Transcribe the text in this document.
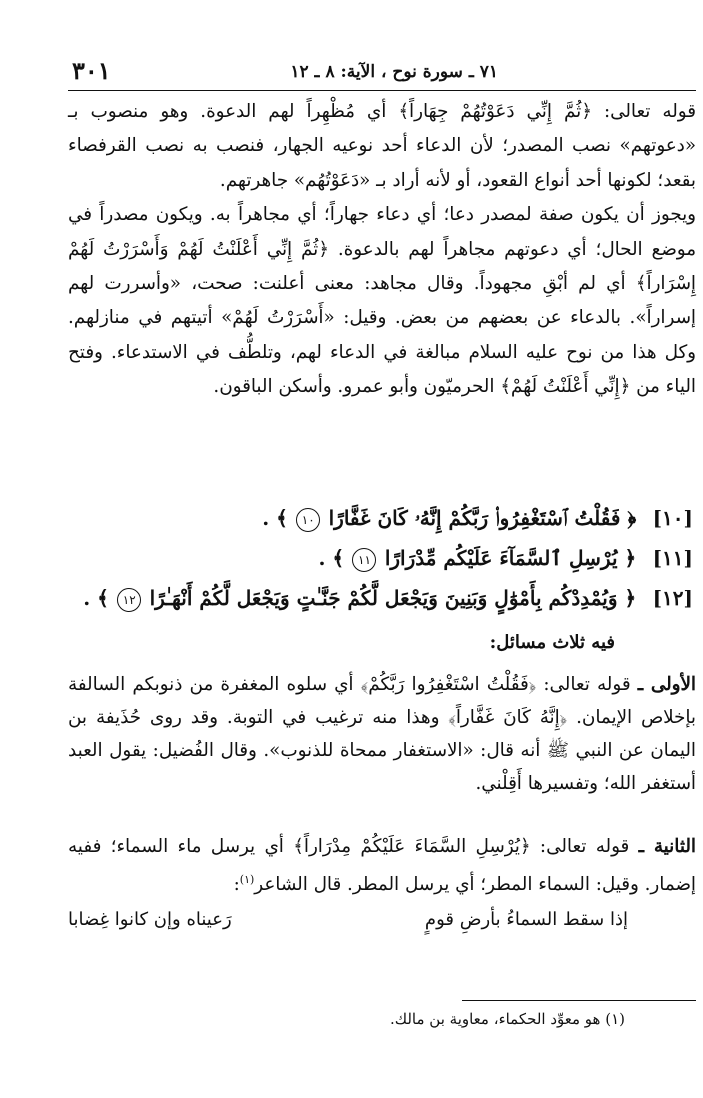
٧١ ـ سورة نوح ، الآية: ٨ ـ ١٢
٣٠١

قوله تعالى: ﴿ثُمَّ إِنِّي دَعَوْتُهُمْ جِهَاراً﴾ أي مُظْهِراً لهم الدعوة. وهو منصوب بـ «دعوتهم» نصب المصدر؛ لأن الدعاء أحد نوعيه الجهار، فنصب به نصب القرفصاء بقعد؛ لكونها أحد أنواع القعود، أو لأنه أراد بـ «دَعَوْتُهُم» جاهرتهم.

ويجوز أن يكون صفة لمصدر دعا؛ أي دعاء جهاراً؛ أي مجاهراً به. ويكون مصدراً في موضع الحال؛ أي دعوتهم مجاهراً لهم بالدعوة. ﴿ثُمَّ إِنِّي أَعْلَنْتُ لَهُمْ وَأَسْرَرْتُ لَهُمْ إِسْرَاراً﴾ أي لم أبْقِ مجهوداً. وقال مجاهد: معنى أعلنت: صحت، «وأسررت لهم إسراراً». بالدعاء عن بعضهم من بعض. وقيل: «أَسْرَرْتُ لَهُمْ» أتيتهم في منازلهم. وكل هذا من نوح عليه السلام مبالغة في الدعاء لهم، وتلطُّف في الاستدعاء. وفتح الياء من ﴿إِنِّي أَعْلَنْتُ لَهُمْ﴾ الحرميّون وأبو عمرو. وأسكن الباقون.

[١٠] ﴿ فَقُلْتُ ٱسْتَغْفِرُوا۟ رَبَّكُمْ إِنَّهُۥ كَانَ غَفَّارًا ١٠ ﴾ .
[١١] ﴿ يُرْسِلِ ٱلسَّمَآءَ عَلَيْكُم مِّدْرَارًا ١١ ﴾ .
[١٢] ﴿ وَيُمْدِدْكُم بِأَمْوَٰلٍ وَبَنِينَ وَيَجْعَل لَّكُمْ جَنَّـٰتٍ وَيَجْعَل لَّكُمْ أَنْهَـٰرًا ١٢ ﴾ .
فيه ثلاث مسائل:
الأولى ـ قوله تعالى: ﴿فَقُلْتُ اسْتَغْفِرُوا رَبَّكُمْ﴾ أي سلوه المغفرة من ذنوبكم السالفة بإخلاص الإيمان. ﴿إِنَّهُ كَانَ غَفَّاراً﴾ وهذا منه ترغيب في التوبة. وقد روى حُذَيفة بن اليمان عن النبي ﷺ أنه قال: «الاستغفار ممحاة للذنوب». وقال الفُضيل: يقول العبد أستغفر الله؛ وتفسيرها أَقِلْني.
الثانية ـ قوله تعالى: ﴿يُرْسِلِ السَّمَاءَ عَلَيْكُمْ مِدْرَاراً﴾ أي يرسل ماء السماء؛ ففيه إضمار. وقيل: السماء المطر؛ أي يرسل المطر. قال الشاعر$^{(١)}$:
إذا سقط السماءُ بأرضِ قومٍ
رَعيناه وإن كانوا غِضابا
(١) هو معوِّد الحكماء، معاوية بن مالك.
